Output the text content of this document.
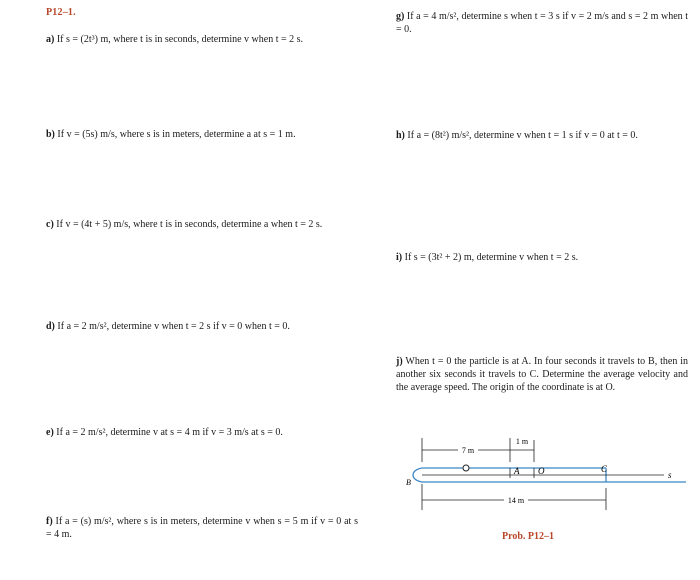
P12–1.
a) If s = (2t³) m, where t is in seconds, determine v when t = 2 s.
b) If v = (5s) m/s, where s is in meters, determine a at s = 1 m.
c) If v = (4t + 5) m/s, where t is in seconds, determine a when t = 2 s.
d) If a = 2 m/s², determine v when t = 2 s if v = 0 when t = 0.
e) If a = 2 m/s², determine v at s = 4 m if v = 3 m/s at s = 0.
f) If a = (s) m/s², where s is in meters, determine v when s = 5 m if v = 0 at s = 4 m.
g) If a = 4 m/s², determine s when t = 3 s if v = 2 m/s and s = 2 m when t = 0.
h) If a = (8t²) m/s², determine v when t = 1 s if v = 0 at t = 0.
i) If s = (3t² + 2) m, determine v when t = 2 s.
j) When t = 0 the particle is at A. In four seconds it travels to B, then in another six seconds it travels to C. Determine the average velocity and the average speed. The origin of the coordinate is at O.
7 m
1 m
s
A O
B
C
14 m
Prob. P12–1
